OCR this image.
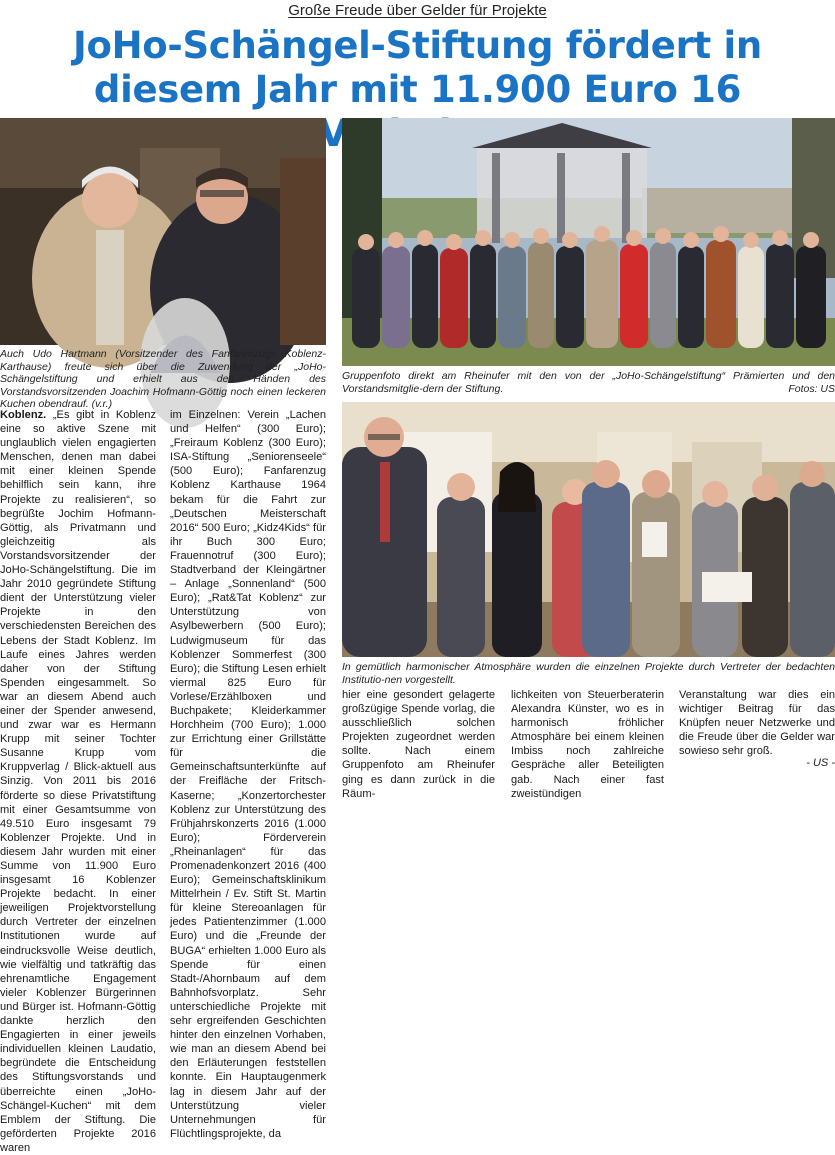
Große Freude über Gelder für Projekte
JoHo-Schängel-Stiftung fördert in
diesem Jahr mit 11.900 Euro 16
Auch Udo Hartmann (Vorsitzender des Fanfarenzugs Koblenz-Karthause) freute sich über die Zuwendung der „JoHo-Schängelstiftung und erhielt aus den Händen des Vorstandsvorsitzenden Joachim Hofmann-Göttig noch einen leckeren Kuchen obendrauf. (v.r.)
Gruppenfoto direkt am Rheinufer mit den von der „JoHo-Schängelstiftung“ Prämierten und den Vorstandsmitglie-dern der Stiftung.	Fotos: US
In gemütlich harmonischer Atmosphäre wurden die einzelnen Projekte durch Vertreter der bedachten Institutio-nen vorgestellt.
Koblenz. „Es gibt in Koblenz eine so aktive Szene mit unglaublich vielen engagierten Menschen, denen man dabei mit einer kleinen Spende behilflich sein kann, ihre Projekte zu realisieren“, so begrüßte Jochim Hofmann-Göttig, als Privatmann und gleichzeitig als Vorstandsvorsitzender der JoHo-Schängelstiftung. Die im Jahr 2010 gegründete Stiftung dient der Unterstützung vieler Projekte in den verschiedensten Bereichen des Lebens der Stadt Koblenz. Im Laufe eines Jahres werden daher von der Stiftung Spenden eingesammelt. So war an diesem Abend auch einer der Spender anwesend, und zwar war es Hermann Krupp mit seiner Tochter Susanne Krupp vom Kruppverlag / Blick-aktuell aus Sinzig. Von 2011 bis 2016 förderte so diese Privatstiftung mit einer Gesamtsumme von 49.510 Euro insgesamt 79 Koblenzer Projekte. Und in diesem Jahr wurden mit einer Summe von 11.900 Euro insgesamt 16 Koblenzer Projekte bedacht. In einer jeweiligen Projektvorstellung durch Vertreter der einzelnen Institutionen wurde auf eindrucksvolle Weise deutlich, wie vielfältig und tatkräftig das ehrenamtliche Engagement vieler Koblenzer Bürgerinnen und Bürger ist. Hofmann-Göttig dankte herzlich den Engagierten in einer jeweils individuellen kleinen Laudatio, begründete die Entscheidung des Stiftungsvorstands und überreichte einen „JoHo-Schängel-Kuchen“ mit dem Emblem der Stiftung. Die geförderten Projekte 2016 waren
im Einzelnen: Verein „Lachen und Helfen“ (300 Euro); „Freiraum Koblenz (300 Euro); ISA-Stiftung „Seniorenseele“ (500 Euro); Fanfarenzug Koblenz Karthause 1964 bekam für die Fahrt zur „Deutschen Meisterschaft 2016“ 500 Euro; „Kidz4Kids“ für ihr Buch 300 Euro; Frauennotruf (300 Euro); Stadtverband der Kleingärtner – Anlage „Sonnenland“ (500 Euro); „Rat&Tat Koblenz“ zur Unterstützung von Asylbewerbern (500 Euro); Ludwigmuseum für das Koblenzer Sommerfest (300 Euro); die Stiftung Lesen erhielt viermal 825 Euro für Vorlese/Erzählboxen und Buchpakete; Kleiderkammer Horchheim (700 Euro); 1.000 zur Errichtung einer Grillstätte für die Gemeinschaftsunterkünfte auf der Freifläche der Fritsch-Kaserne; „Konzertorchester Koblenz zur Unterstützung des Frühjahrskonzerts 2016 (1.000 Euro); Förderverein „Rheinanlagen“ für das Promenadenkonzert 2016 (400 Euro); Gemeinschaftsklinikum Mittelrhein / Ev. Stift St. Martin für kleine Stereoanlagen für jedes Patientenzimmer (1.000 Euro) und die „Freunde der BUGA“ erhielten 1.000 Euro als Spende für einen Stadt-/Ahornbaum auf dem Bahnhofsvorplatz. Sehr unterschiedliche Projekte mit sehr ergreifenden Geschichten hinter den einzelnen Vorhaben, wie man an diesem Abend bei den Erläuterungen feststellen konnte. Ein Hauptaugenmerk lag in diesem Jahr auf der Unterstützung vieler Unternehmungen für Flüchtlingsprojekte, da
hier eine gesondert gelagerte großzügige Spende vorlag, die ausschließlich solchen Projekten zugeordnet werden sollte. Nach einem Gruppenfoto am Rheinufer ging es dann zurück in die Räum-
lichkeiten von Steuerberaterin Alexandra Künster, wo es in harmonisch fröhlicher Atmosphäre bei einem kleinen Imbiss noch zahlreiche Gespräche aller Beteiligten gab. Nach einer fast zweistündigen
Veranstaltung war dies ein wichtiger Beitrag für das Knüpfen neuer Netzwerke und die Freude über die Gelder war sowieso sehr groß.
- US -
